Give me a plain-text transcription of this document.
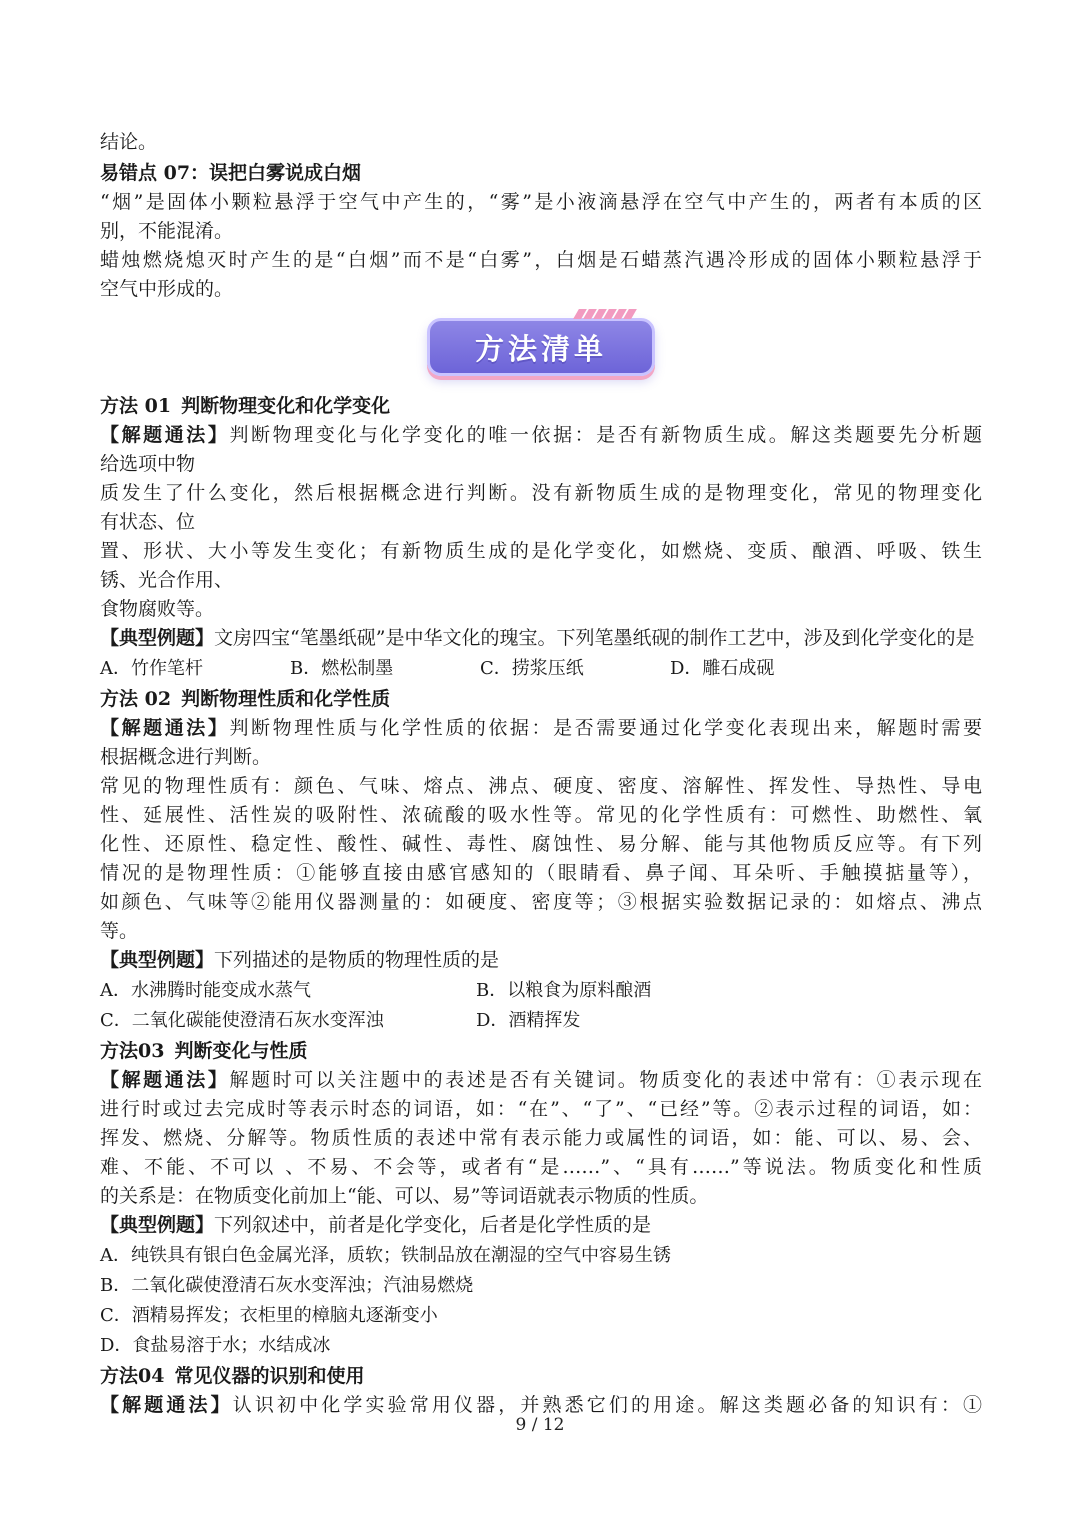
结论。
易错点 07：误把白雾说成白烟
“烟”是固体小颗粒悬浮于空气中产生的，“雾”是小液滴悬浮在空气中产生的，两者有本质的区
别，不能混淆。
蜡烛燃烧熄灭时产生的是“白烟”而不是“白雾”，白烟是石蜡蒸汽遇冷形成的固体小颗粒悬浮于
空气中形成的。
方法清单
方法 01 判断物理变化和化学变化
【解题通法】判断物理变化与化学变化的唯一依据：是否有新物质生成。解这类题要先分析题
给选项中物
质发生了什么变化，然后根据概念进行判断。没有新物质生成的是物理变化，常见的物理变化
有状态、位
置、形状、大小等发生变化；有新物质生成的是化学变化，如燃烧、变质、酿酒、呼吸、铁生
锈、光合作用、
食物腐败等。
【典型例题】文房四宝“笔墨纸砚”是中华文化的瑰宝。下列笔墨纸砚的制作工艺中，涉及到化学变化的是
A．竹作笔杆	B．燃松制墨	C．捞浆压纸	D．雕石成砚
方法 02 判断物理性质和化学性质
【解题通法】判断物理性质与化学性质的依据：是否需要通过化学变化表现出来，解题时需要
根据概念进行判断。
常见的物理性质有：颜色、气味、熔点、沸点、硬度、密度、溶解性、挥发性、导热性、导电
性、延展性、活性炭的吸附性、浓硫酸的吸水性等。常见的化学性质有：可燃性、助燃性、氧
化性、还原性、稳定性、酸性、碱性、毒性、腐蚀性、易分解、能与其他物质反应等。有下列
情况的是物理性质：①能够直接由感官感知的（眼睛看、鼻子闻、耳朵听、手触摸掂量等），
如颜色、气味等②能用仪器测量的：如硬度、密度等；③根据实验数据记录的：如熔点、沸点
等。
【典型例题】下列描述的是物质的物理性质的是
A．水沸腾时能变成水蒸气	B．以粮食为原料酿酒
C．二氧化碳能使澄清石灰水变浑浊	D．酒精挥发
方法03 判断变化与性质
【解题通法】解题时可以关注题中的表述是否有关键词。物质变化的表述中常有：①表示现在
进行时或过去完成时等表示时态的词语，如：“在”、“了”、“已经”等。②表示过程的词语，如：
挥发、燃烧、分解等。物质性质的表述中常有表示能力或属性的词语，如：能、可以、易、会、
难、不能、不可以 、不易、不会等，或者有“是……”、“具有……”等说法。物质变化和性质
的关系是：在物质变化前加上“能、可以、易”等词语就表示物质的性质。
【典型例题】下列叙述中，前者是化学变化，后者是化学性质的是
A．纯铁具有银白色金属光泽，质软；铁制品放在潮湿的空气中容易生锈
B．二氧化碳使澄清石灰水变浑浊；汽油易燃烧
C．酒精易挥发；衣柜里的樟脑丸逐渐变小
D．食盐易溶于水；水结成冰
方法04 常见仪器的识别和使用
【解题通法】认识初中化学实验常用仪器，并熟悉它们的用途。解这类题必备的知识有：①
9 / 12
